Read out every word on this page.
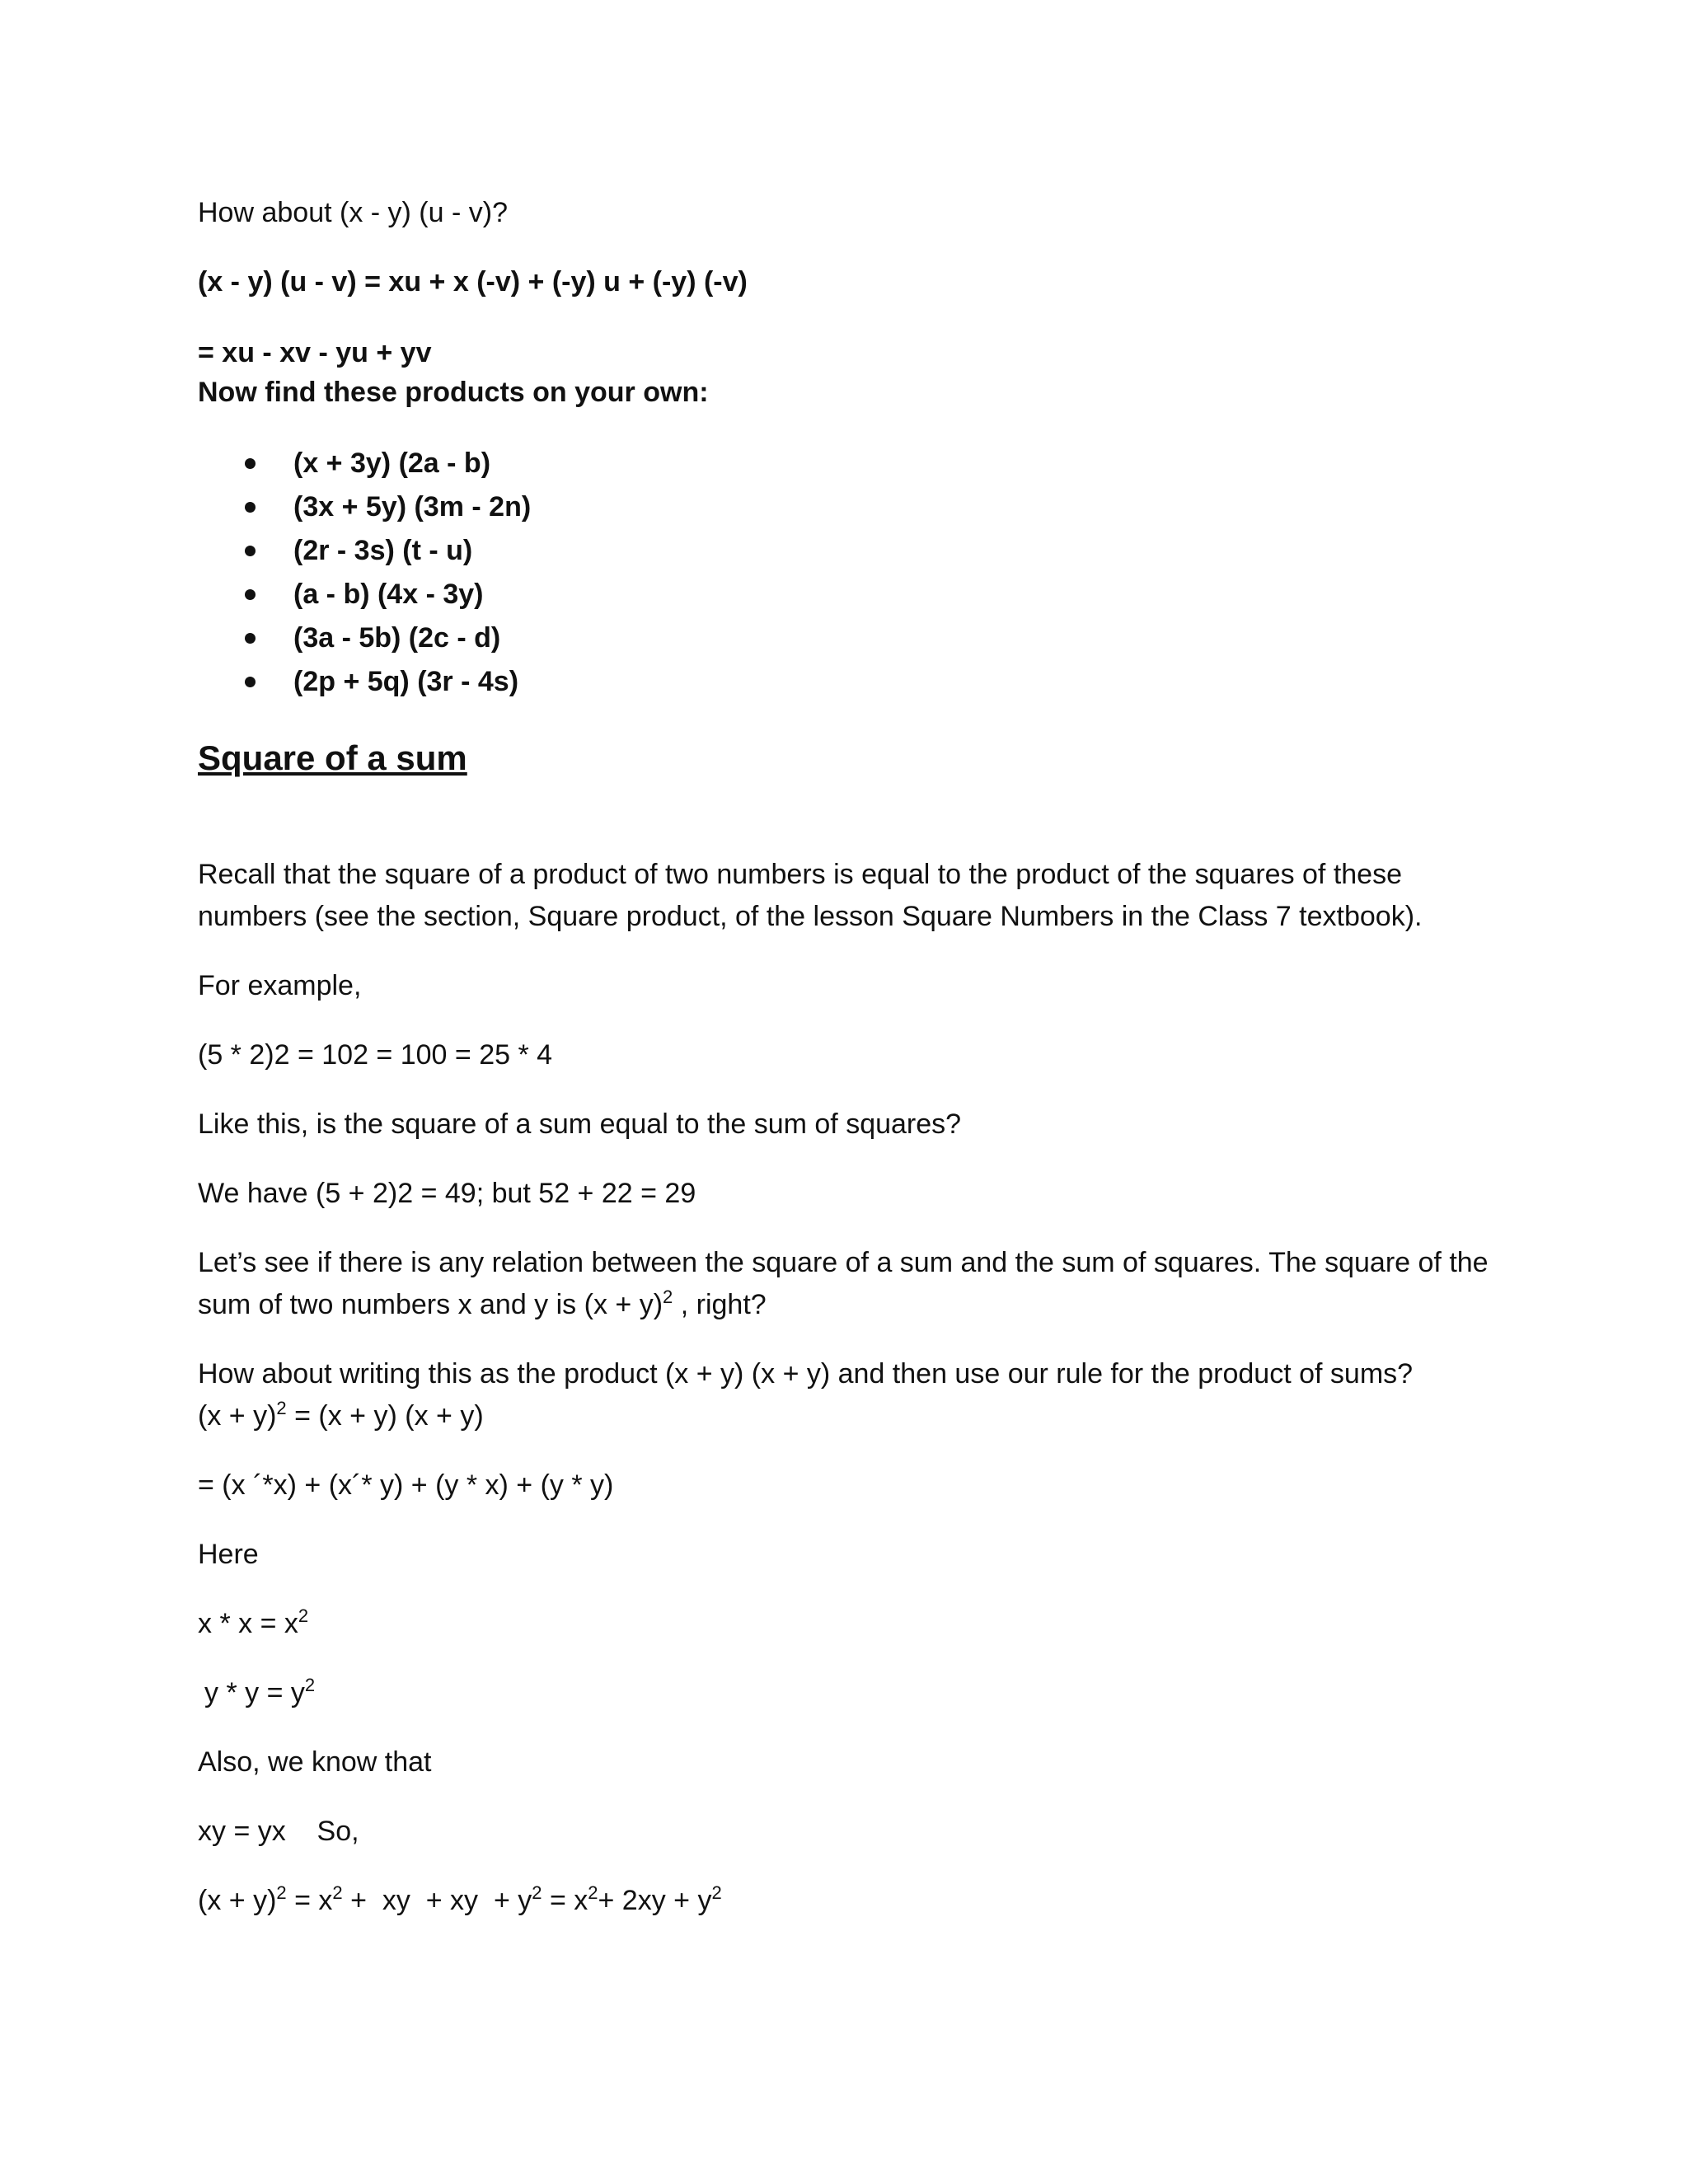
How about (x - y) (u - v)?

(x - y) (u - v) = xu + x (-v) + (-y) u + (-y) (-v)

= xu - xv - yu + yv

Now find these products on your own:

(x + 3y) (2a - b)
(3x + 5y) (3m - 2n)
(2r - 3s) (t - u)
(a - b) (4x - 3y)
(3a - 5b) (2c - d)
(2p + 5q) (3r - 4s)
Square of a sum

Recall that the square of a product of two numbers is equal to the product of the squares of these

numbers (see the section, Square product, of the lesson Square Numbers in the Class 7 textbook).

For example,

(5 * 2)2 = 102 = 100 = 25 * 4

Like this, is the square of a sum equal to the sum of squares?

We have (5 + 2)2 = 49; but 52 + 22 = 29

Let’s see if there is any relation between the square of a sum and the sum of squares. The square of the

sum of two numbers x and y is $(x + y)^2$ , right?

How about writing this as the product (x + y) (x + y) and then use our rule for the product of sums?

$(x + y)^2 = (x + y)$ (x + y)

= (x ´*x) + (x´* y) + (y * x) + (y * y)

Here

$x * x = x^2$

$y * y = y^2$

Also, we know that

xy = yx    So,

$(x + y)^2 = x^2$ +  xy  + xy  + $y^2 = x^2+ 2xy + y^2$
